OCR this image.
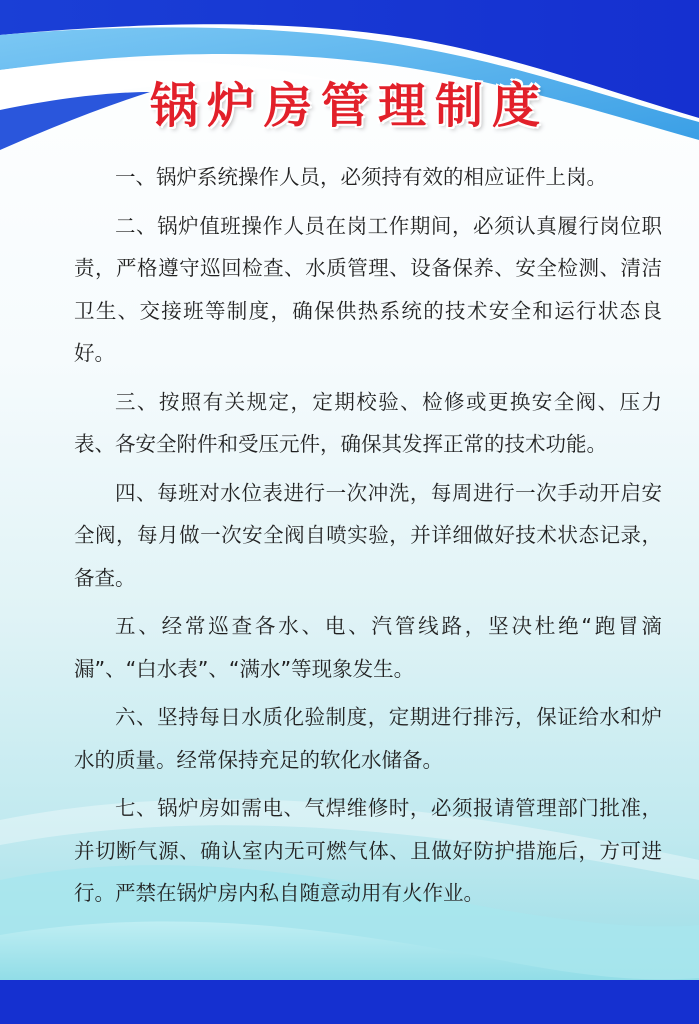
锅炉房管理制度

一、锅炉系统操作人员，必须持有效的相应证件上岗。

二、锅炉值班操作人员在岗工作期间，必须认真履行岗位职责，严格遵守巡回检查、水质管理、设备保养、安全检测、清洁卫生、交接班等制度，确保供热系统的技术安全和运行状态良好。

三、按照有关规定，定期校验、检修或更换安全阀、压力表、各安全附件和受压元件，确保其发挥正常的技术功能。

四、每班对水位表进行一次冲洗，每周进行一次手动开启安全阀，每月做一次安全阀自喷实验，并详细做好技术状态记录，备查。

五、经常巡查各水、电、汽管线路，坚决杜绝“跑冒滴漏”、“白水表”、“满水”等现象发生。

六、坚持每日水质化验制度，定期进行排污，保证给水和炉水的质量。经常保持充足的软化水储备。

七、锅炉房如需电、气焊维修时，必须报请管理部门批准，并切断气源、确认室内无可燃气体、且做好防护措施后，方可进行。严禁在锅炉房内私自随意动用有火作业。
